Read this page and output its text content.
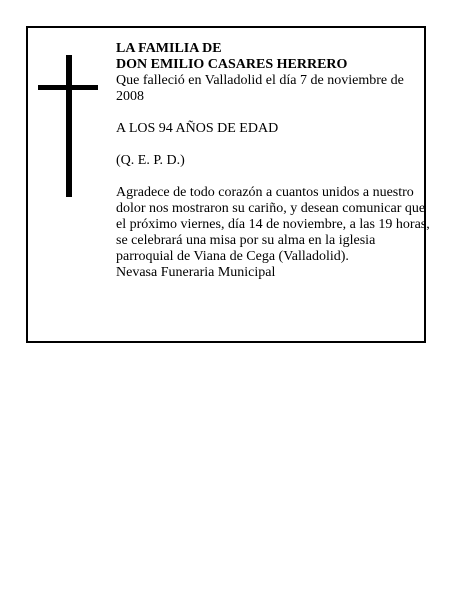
LA FAMILIA DE
DON EMILIO CASARES HERRERO
Que falleció en Valladolid el día 7 de noviembre de
2008
A LOS 94 AÑOS DE EDAD
(Q. E. P. D.)
Agradece de todo corazón a cuantos unidos a nuestro
dolor nos mostraron su cariño, y desean comunicar que
el próximo viernes, día 14 de noviembre, a las 19 horas,
se celebrará una misa por su alma en la iglesia
parroquial de Viana de Cega (Valladolid).
Nevasa Funeraria Municipal
